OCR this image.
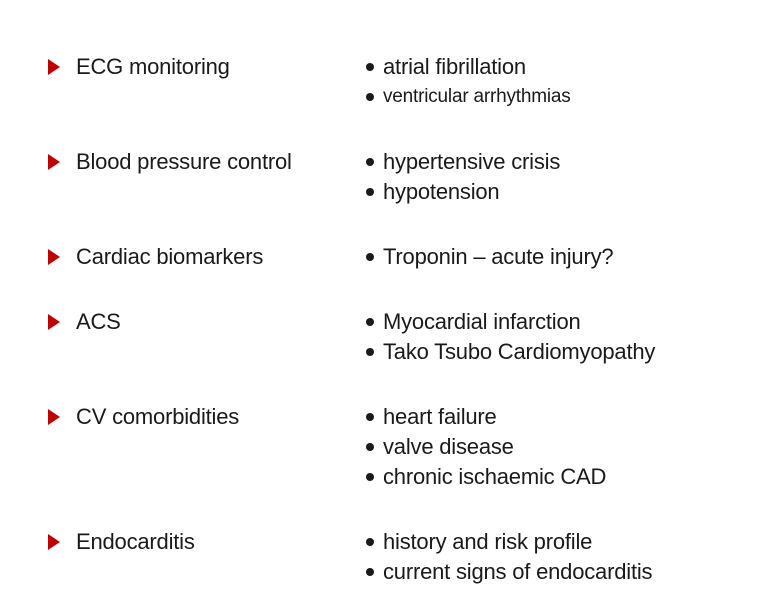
ECG monitoring	atrial fibrillation
ventricular arrhythmias
Blood pressure control	hypertensive crisis
hypotension
Cardiac biomarkers	Troponin – acute injury?
ACS	Myocardial infarction
Tako Tsubo Cardiomyopathy
CV comorbidities	heart failure
valve disease
chronic ischaemic CAD
Endocarditis	history and risk profile
current signs of endocarditis
